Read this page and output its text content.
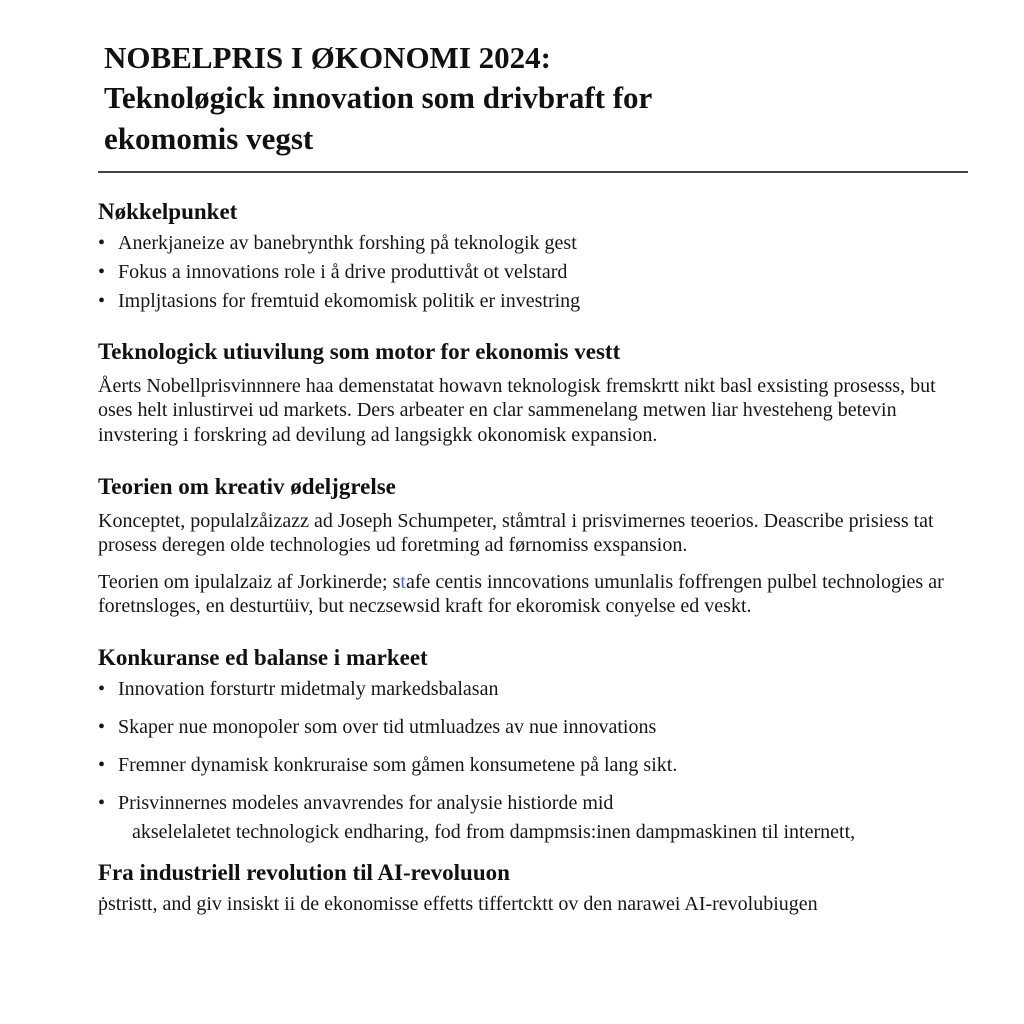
NOBELPRIS I ØKONOMI 2024:
Teknoløgick innovation som drivbraft for
ekomomis vegst
Nøkkelpunket
• Anerkjaneize av banebrynthk forshing på teknologik gest
• Fokus a innovations role i å drive produttivåt ot velstard
• Impljtasions for fremtuid ekomomisk politik er investring
Teknologick utiuvilung som motor for ekonomis vestt

Åerts Nobellprisvinnnere haa demenstatat howavn teknologisk fremskrtt nikt basl exsisting prosesss, but oses helt inlustirvei ud markets. Ders arbeater en clar sammenelang metwen liar hvesteheng betevin invstering i forskring ad devilung ad langsigkk okonomisk expansion.

Teorien om kreativ ødeljgrelse

Konceptet, populalzåizazz ad Joseph Schumpeter, ståmtral i prisvimernes teoerios. Deascribe prisiess tat prosess deregen olde technologies ud foretming ad førnomiss exspansion.

Teorien om ipulalzaiz af Jorkinerde; stafe centis inncovations umunlalis foffrengen pulbel technologies ar foretnsloges, en desturtüiv, but neczsewsid kraft for ekoromisk conyelse ed veskt.

Konkuranse ed balanse i markeet
• Innovation forsturtr midetmaly markedsbalasan
• Skaper nue monopoler som over tid utmluadzes av nue innovations
• Fremner dynamisk konkruraise som gåmen konsumetene på lang sikt.
• Prisvinnernes modeles anvavrendes for analysie histiorde mid
akselelaletet technologick endharing, fod from dampmsis:inen dampmaskinen til internett,
Fra industriell revolution til AI-revoluuon

ṗstristt, and giv insiskt ii de ekonomisse effetts tiffertcktt ov den narawei AI-revolubiugen
